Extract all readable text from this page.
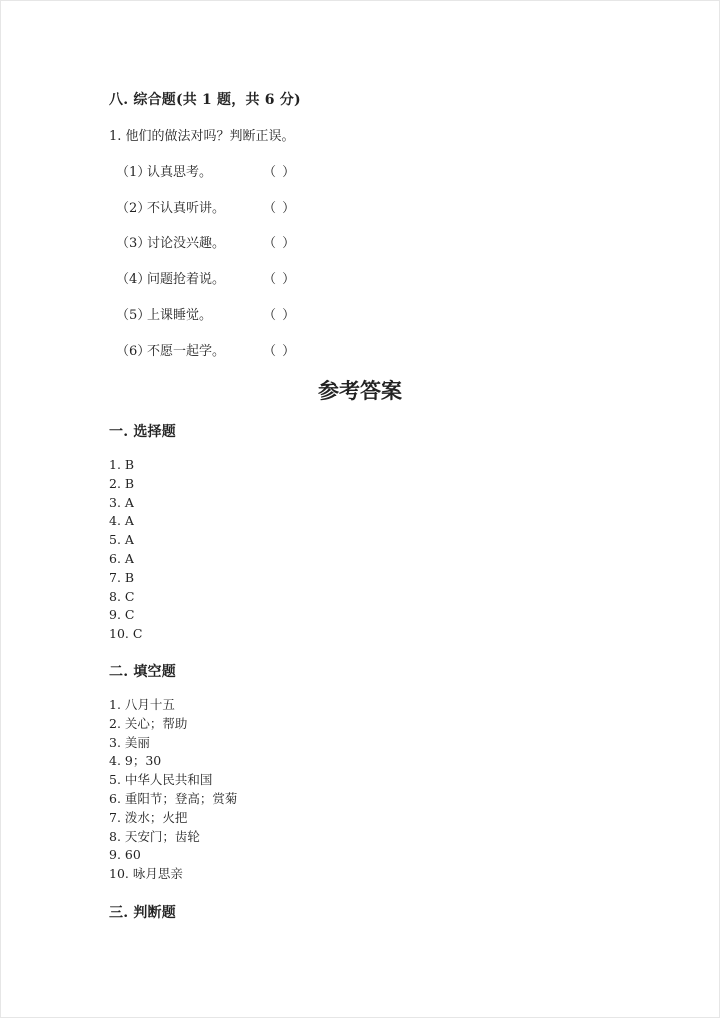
八. 综合题(共 1 题，共 6 分)
1. 他们的做法对吗？判断正误。
（1）
认真思考。	（ ）
（2）
不认真听讲。	（ ）
（3）
讨论没兴趣。	（ ）
（4）
问题抢着说。	（ ）
（5）
上课睡觉。	（ ）
（6）
不愿一起学。	（ ）
参考答案
一. 选择题
1. B
2. B
3. A
4. A
5. A
6. A
7. B
8. C
9. C
10. C
二. 填空题
1. 八月十五
2. 关心；帮助
3. 美丽
4. 9；30
5. 中华人民共和国
6. 重阳节；登高；赏菊
7. 泼水；火把
8. 天安门；齿轮
9. 60
10. 咏月思亲
三. 判断题
